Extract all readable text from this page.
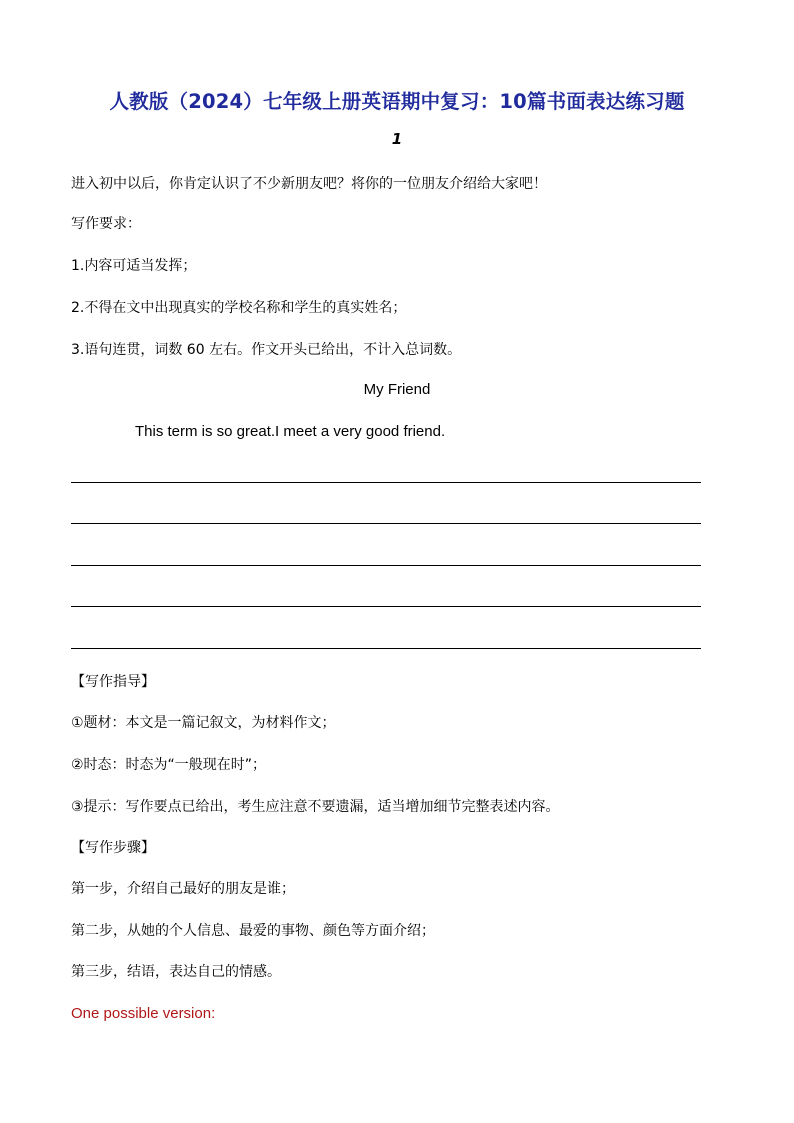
人教版（2024）七年级上册英语期中复习：10篇书面表达练习题
1
进入初中以后，你肯定认识了不少新朋友吧？将你的一位朋友介绍给大家吧！
写作要求：
1.内容可适当发挥；
2.不得在文中出现真实的学校名称和学生的真实姓名；
3.语句连贯，词数 60 左右。作文开头已给出，不计入总词数。
My Friend
This term is so great.I meet a very good friend.
【写作指导】
①题材：本文是一篇记叙文，为材料作文；
②时态：时态为“一般现在时”；
③提示：写作要点已给出，考生应注意不要遗漏，适当增加细节完整表述内容。
【写作步骤】
第一步，介绍自己最好的朋友是谁；
第二步，从她的个人信息、最爱的事物、颜色等方面介绍；
第三步，结语，表达自己的情感。
One possible version:
